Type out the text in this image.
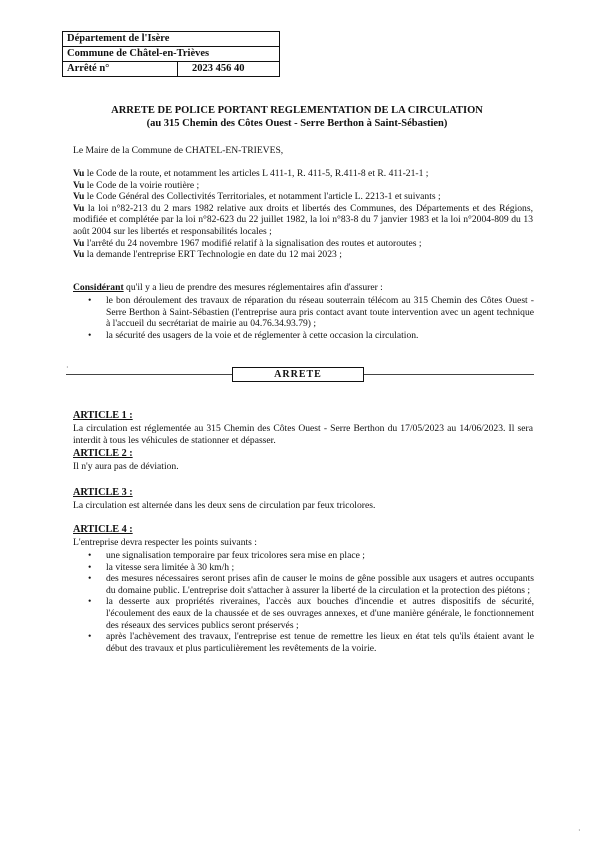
Département de l'Isère
Commune de Châtel-en-Trièves
Arrêté n°	2023 456 40
ARRETE DE POLICE PORTANT REGLEMENTATION DE LA CIRCULATION
(au 315 Chemin des Côtes Ouest - Serre Berthon à Saint-Sébastien)
Le Maire de la Commune de CHATEL-EN-TRIEVES,
Vu le Code de la route, et notamment les articles L 411-1, R. 411-5, R.411-8 et R. 411-21-1 ;
Vu le Code de la voirie routière ;
Vu le Code Général des Collectivités Territoriales, et notamment l'article L. 2213-1 et suivants ;
Vu la loi n°82-213 du 2 mars 1982 relative aux droits et libertés des Communes, des Départements et des Régions, modifiée et complétée par la loi n°82-623 du 22 juillet 1982, la loi n°83-8 du 7 janvier 1983 et la loi n°2004-809 du 13 août 2004 sur les libertés et responsabilités locales ;
Vu l'arrêté du 24 novembre 1967 modifié relatif à la signalisation des routes et autoroutes ;
Vu la demande l'entreprise ERT Technologie en date du 12 mai 2023 ;
Considérant qu'il y a lieu de prendre des mesures réglementaires afin d'assurer :
• le bon déroulement des travaux de réparation du réseau souterrain télécom au 315 Chemin des Côtes Ouest - Serre Berthon à Saint-Sébastien (l'entreprise aura pris contact avant toute intervention avec un agent technique à l'accueil du secrétariat de mairie au 04.76.34.93.79) ;
• la sécurité des usagers de la voie et de réglementer à cette occasion la circulation.
ARRETE
ARTICLE 1 :
La circulation est réglementée au 315 Chemin des Côtes Ouest - Serre Berthon du 17/05/2023 au 14/06/2023. Il sera interdit à tous les véhicules de stationner et dépasser.
ARTICLE 2 :
Il n'y aura pas de déviation.
ARTICLE 3 :
La circulation est alternée dans les deux sens de circulation par feux tricolores.
ARTICLE 4 :
L'entreprise devra respecter les points suivants :
• une signalisation temporaire par feux tricolores sera mise en place ;
• la vitesse sera limitée à 30 km/h ;
• des mesures nécessaires seront prises afin de causer le moins de gêne possible aux usagers et autres occupants du domaine public. L'entreprise doit s'attacher à assurer la liberté de la circulation et la protection des piétons ;
• la desserte aux propriétés riveraines, l'accès aux bouches d'incendie et autres dispositifs de sécurité, l'écoulement des eaux de la chaussée et de ses ouvrages annexes, et d'une manière générale, le fonctionnement des réseaux des services publics seront préservés ;
• après l'achèvement des travaux, l'entreprise est tenue de remettre les lieux en état tels qu'ils étaient avant le début des travaux et plus particulièrement les revêtements de la voirie.
·
·
